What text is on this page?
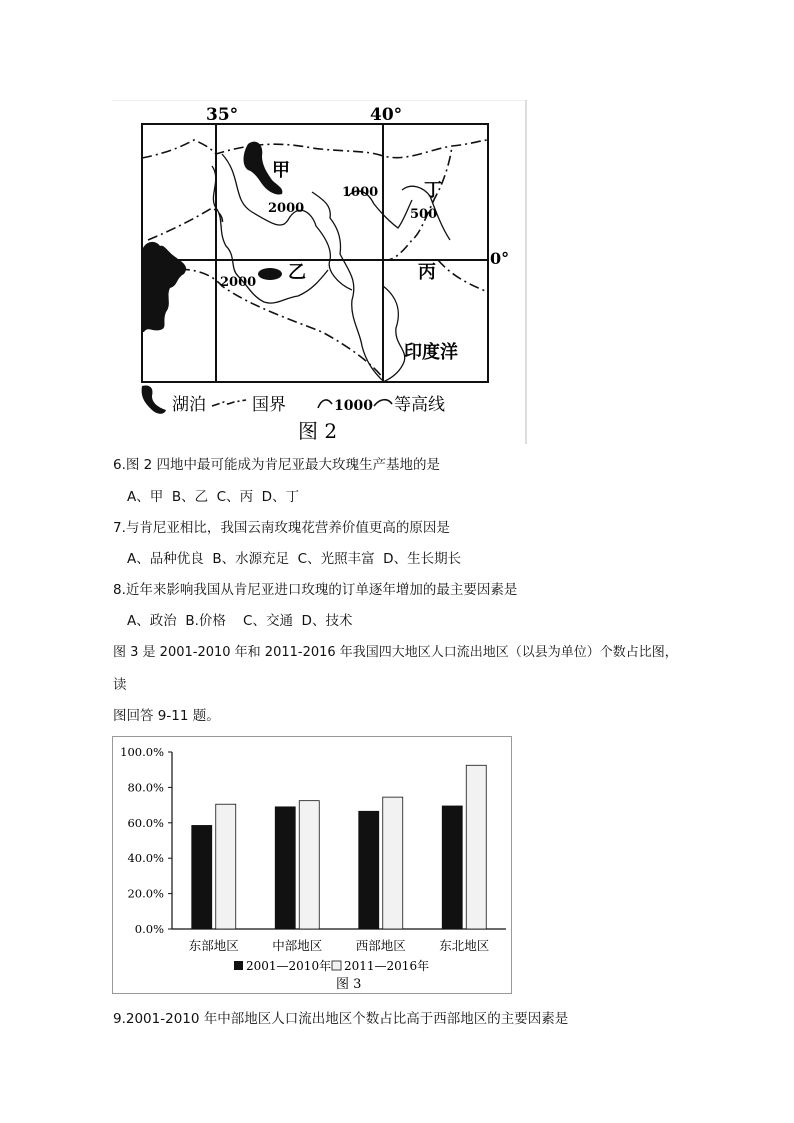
35°	40°
0°
甲
乙	丙
丁
印度洋
2000
2000
1000
500
湖泊	国界	1000 等高线
图 2
6.图 2 四地中最可能成为肯尼亚最大玫瑰生产基地的是
A、甲  B、乙  C、丙  D、丁
7.与肯尼亚相比，我国云南玫瑰花营养价值更高的原因是
A、品种优良  B、水源充足  C、光照丰富  D、生长期长
8.近年来影响我国从肯尼亚进口玫瑰的订单逐年增加的最主要因素是
A、政治  B.价格    C、交通  D、技术
图 3 是 2001-2010 年和 2011-2016 年我国四大地区人口流出地区（以县为单位）个数占比图，
读
图回答 9-11 题。
0.0%
20.0%
40.0%
60.0%
80.0%
100.0%
东部地区	中部地区	西部地区	东北地区
2001—2010年 2011—2016年
图 3
9.2001-2010 年中部地区人口流出地区个数占比高于西部地区的主要因素是
